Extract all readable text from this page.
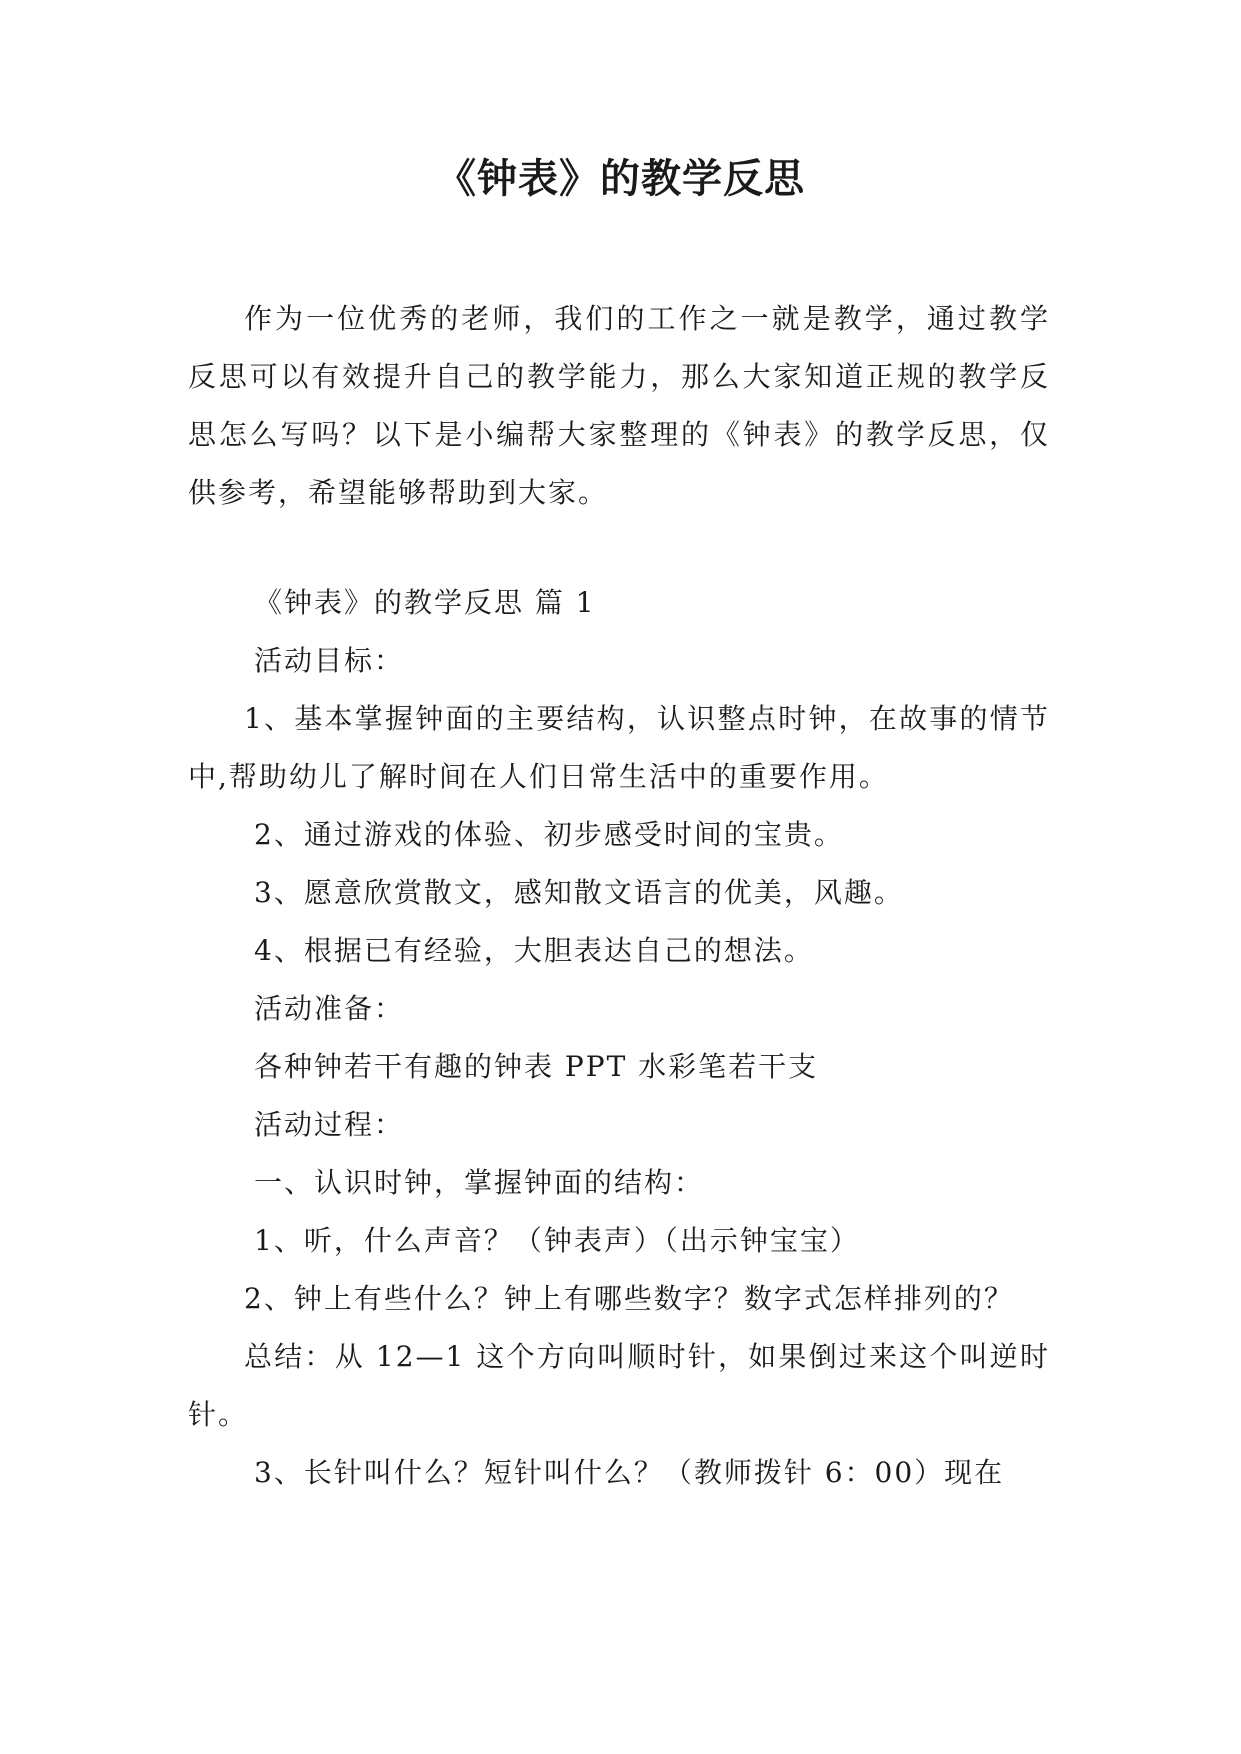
《钟表》的教学反思

作为一位优秀的老师，我们的工作之一就是教学，通过教学反思可以有效提升自己的教学能力，那么大家知道正规的教学反思怎么写吗？以下是小编帮大家整理的《钟表》的教学反思，仅供参考，希望能够帮助到大家。

《钟表》的教学反思 篇 1

活动目标：

1、基本掌握钟面的主要结构，认识整点时钟，在故事的情节中,帮助幼儿了解时间在人们日常生活中的重要作用。

2、通过游戏的体验、初步感受时间的宝贵。

3、愿意欣赏散文，感知散文语言的优美，风趣。

4、根据已有经验，大胆表达自己的想法。

活动准备：

各种钟若干有趣的钟表 PPT 水彩笔若干支

活动过程：

一、认识时钟，掌握钟面的结构：

1、听，什么声音？（钟表声）（出示钟宝宝）

2、钟上有些什么？钟上有哪些数字？数字式怎样排列的？

总结：从 12—1 这个方向叫顺时针，如果倒过来这个叫逆时针。

3、长针叫什么？短针叫什么？（教师拨针 6：00）现在
